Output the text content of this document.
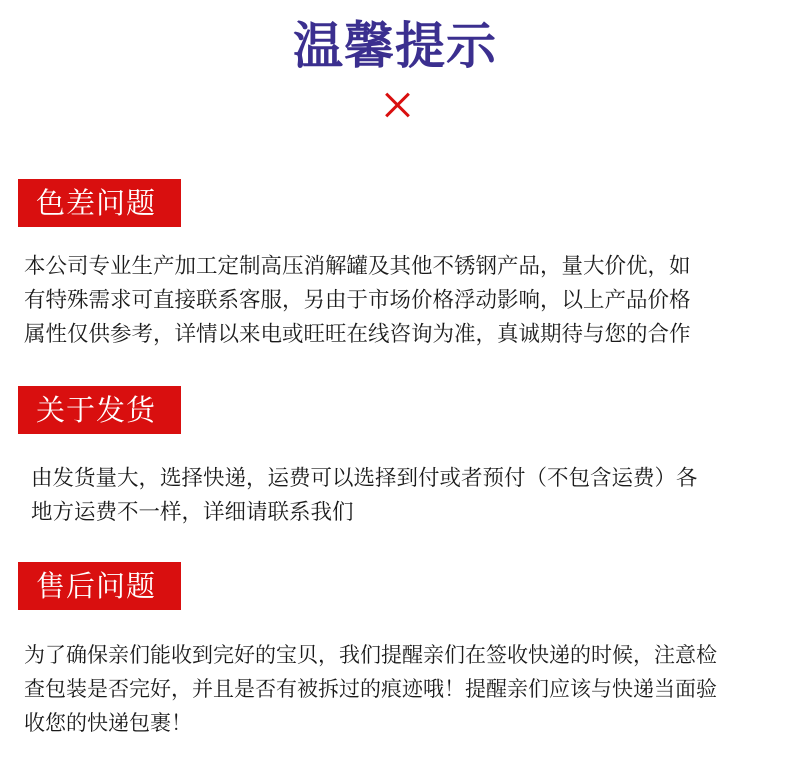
温馨提示
色差问题
本公司专业生产加工定制高压消解罐及其他不锈钢产品，量大价优，如
有特殊需求可直接联系客服，另由于市场价格浮动影响，以上产品价格
属性仅供参考，详情以来电或旺旺在线咨询为准，真诚期待与您的合作
关于发货
由发货量大，选择快递，运费可以选择到付或者预付（不包含运费）各
地方运费不一样，详细请联系我们
售后问题
为了确保亲们能收到完好的宝贝，我们提醒亲们在签收快递的时候，注意检
查包装是否完好，并且是否有被拆过的痕迹哦！提醒亲们应该与快递当面验
收您的快递包裹！
